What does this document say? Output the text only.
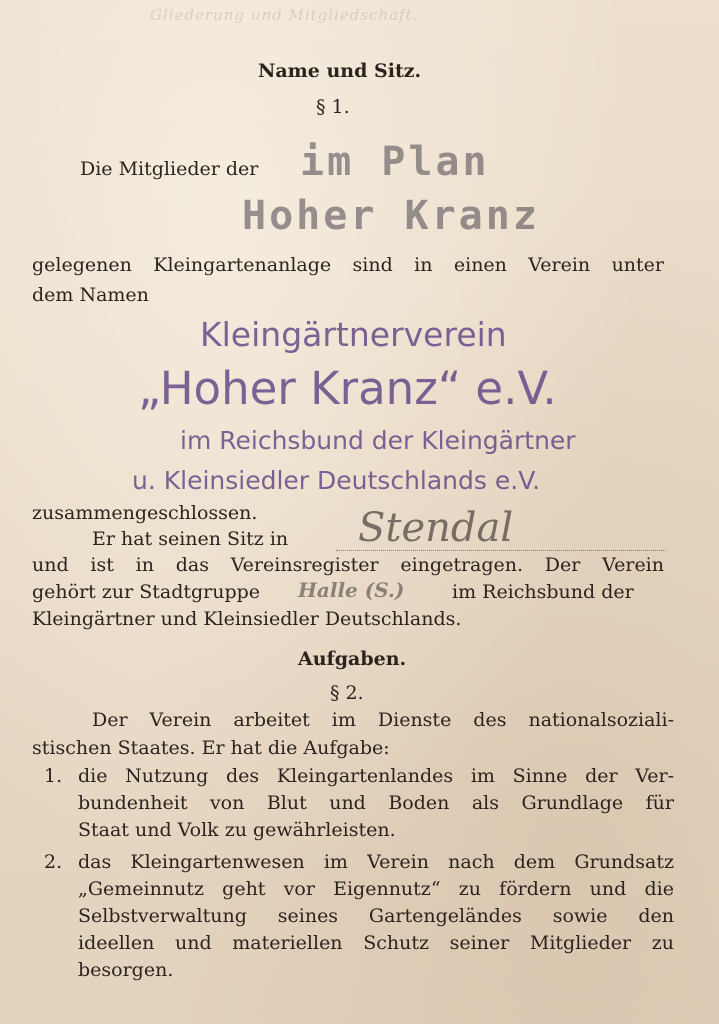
Gliederung und Mitgliedschaft.
Name und Sitz.
§ 1.
Die Mitglieder der im Plan
Hoher Kranz
gelegenen Kleingartenanlage sind in einen Verein unter
dem Namen
Kleingärtnerverein
„Hoher Kranz“ e.V.
im Reichsbund der Kleingärtner
u. Kleinsiedler Deutschlands e.V.
zusammengeschlossen.
Er hat seinen Sitz in Stendal
und ist in das Vereinsregister eingetragen. Der Verein
gehört zur Stadtgruppe Halle (S.)	im Reichsbund der
Kleingärtner und Kleinsiedler Deutschlands.
Aufgaben.
§ 2.
Der Verein arbeitet im Dienste des nationalsoziali-
stischen Staates. Er hat die Aufgabe:
1. die Nutzung des Kleingartenlandes im Sinne der Ver-
bundenheit von Blut und Boden als Grundlage für
Staat und Volk zu gewährleisten.
2. das Kleingartenwesen im Verein nach dem Grundsatz
„Gemeinnutz geht vor Eigennutz“ zu fördern und die
Selbstverwaltung seines Gartengeländes sowie den
ideellen und materiellen Schutz seiner Mitglieder zu
besorgen.
